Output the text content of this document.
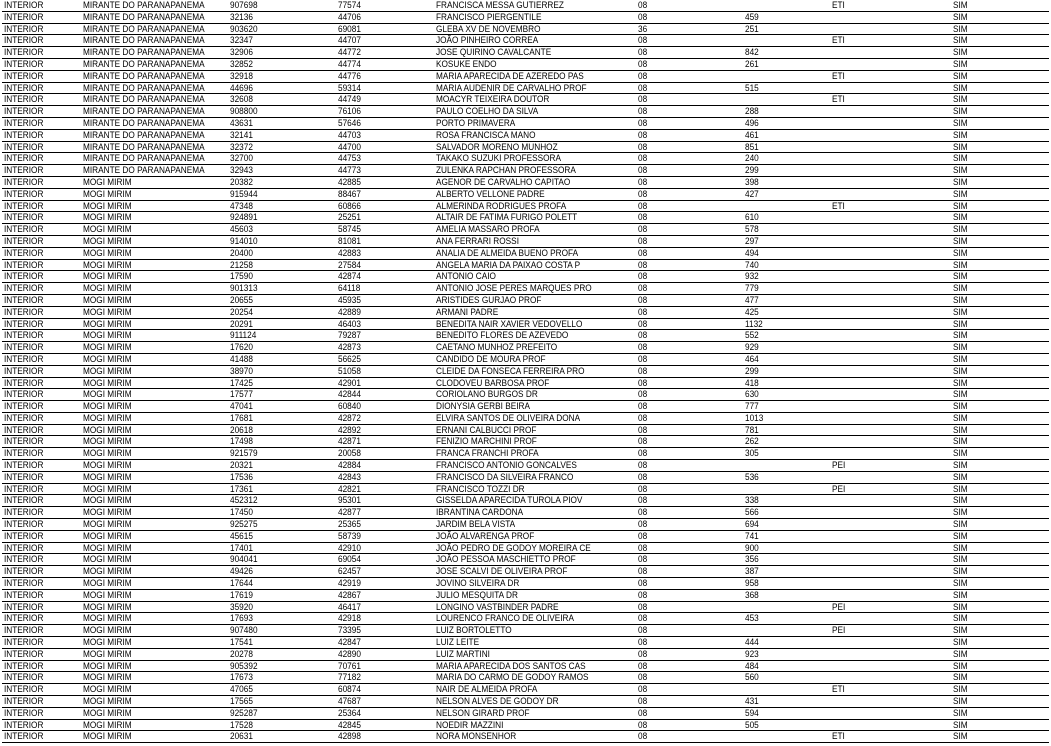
INTERIOR	MIRANTE DO PARANAPANEMA	907698	77574	FRANCISCA MESSA GUTIERREZ	08	ETI	SIM
INTERIOR	MIRANTE DO PARANAPANEMA	32136	44706	FRANCISCO PIERGENTILE	08	459	SIM
INTERIOR	MIRANTE DO PARANAPANEMA	903620	69081	GLEBA XV DE NOVEMBRO	36	251	SIM
INTERIOR	MIRANTE DO PARANAPANEMA	32347	44707	JOÃO PINHEIRO CORREA	08	ETI	SIM
INTERIOR	MIRANTE DO PARANAPANEMA	32906	44772	JOSE QUIRINO CAVALCANTE	08	842	SIM
INTERIOR	MIRANTE DO PARANAPANEMA	32852	44774	KOSUKE ENDO	08	261	SIM
INTERIOR	MIRANTE DO PARANAPANEMA	32918	44776	MARIA APARECIDA DE AZEREDO PAS	08	ETI	SIM
INTERIOR	MIRANTE DO PARANAPANEMA	44696	59314	MARIA AUDENIR DE CARVALHO PROF	08	515	SIM
INTERIOR	MIRANTE DO PARANAPANEMA	32608	44749	MOACYR TEIXEIRA DOUTOR	08	ETI	SIM
INTERIOR	MIRANTE DO PARANAPANEMA	908800	76106	PAULO COELHO DA SILVA	08	288	SIM
INTERIOR	MIRANTE DO PARANAPANEMA	43631	57646	PORTO PRIMAVERA	08	496	SIM
INTERIOR	MIRANTE DO PARANAPANEMA	32141	44703	ROSA FRANCISCA MANO	08	461	SIM
INTERIOR	MIRANTE DO PARANAPANEMA	32372	44700	SALVADOR MORENO MUNHOZ	08	851	SIM
INTERIOR	MIRANTE DO PARANAPANEMA	32700	44753	TAKAKO SUZUKI PROFESSORA	08	240	SIM
INTERIOR	MIRANTE DO PARANAPANEMA	32943	44773	ZULENKA RAPCHAN PROFESSORA	08	299	SIM
INTERIOR	MOGI MIRIM	20382	42885	AGENOR DE CARVALHO CAPITAO	08	398	SIM
INTERIOR	MOGI MIRIM	915944	88467	ALBERTO VELLONE PADRE	08	427	SIM
INTERIOR	MOGI MIRIM	47348	60866	ALMERINDA RODRIGUES PROFA	08	ETI	SIM
INTERIOR	MOGI MIRIM	924891	25251	ALTAIR DE FATIMA FURIGO POLETT	08	610	SIM
INTERIOR	MOGI MIRIM	45603	58745	AMELIA MASSARO PROFA	08	578	SIM
INTERIOR	MOGI MIRIM	914010	81081	ANA FERRARI ROSSI	08	297	SIM
INTERIOR	MOGI MIRIM	20400	42883	ANALIA DE ALMEIDA BUENO PROFA	08	494	SIM
INTERIOR	MOGI MIRIM	21258	27584	ANGELA MARIA DA PAIXAO COSTA P	08	740	SIM
INTERIOR	MOGI MIRIM	17590	42874	ANTONIO CAIO	08	932	SIM
INTERIOR	MOGI MIRIM	901313	64118	ANTONIO JOSE PERES MARQUES PRO	08	779	SIM
INTERIOR	MOGI MIRIM	20655	45935	ARISTIDES GURJAO PROF	08	477	SIM
INTERIOR	MOGI MIRIM	20254	42889	ARMANI PADRE	08	425	SIM
INTERIOR	MOGI MIRIM	20291	46403	BENEDITA NAIR XAVIER VEDOVELLO	08	1132	SIM
INTERIOR	MOGI MIRIM	911124	79287	BENEDITO FLORES DE AZEVEDO	08	552	SIM
INTERIOR	MOGI MIRIM	17620	42873	CAETANO MUNHOZ PREFEITO	08	929	SIM
INTERIOR	MOGI MIRIM	41488	56625	CANDIDO DE MOURA PROF	08	464	SIM
INTERIOR	MOGI MIRIM	38970	51058	CLEIDE DA FONSECA FERREIRA PRO	08	299	SIM
INTERIOR	MOGI MIRIM	17425	42901	CLODOVEU BARBOSA PROF	08	418	SIM
INTERIOR	MOGI MIRIM	17577	42844	CORIOLANO BURGOS DR	08	630	SIM
INTERIOR	MOGI MIRIM	47041	60840	DIONYSIA GERBI BEIRA	08	777	SIM
INTERIOR	MOGI MIRIM	17681	42872	ELVIRA SANTOS DE OLIVEIRA DONA	08	1013	SIM
INTERIOR	MOGI MIRIM	20618	42892	ERNANI CALBUCCI PROF	08	781	SIM
INTERIOR	MOGI MIRIM	17498	42871	FENIZIO MARCHINI PROF	08	262	SIM
INTERIOR	MOGI MIRIM	921579	20058	FRANCA FRANCHI PROFA	08	305	SIM
INTERIOR	MOGI MIRIM	20321	42884	FRANCISCO ANTONIO GONCALVES	08	PEI	SIM
INTERIOR	MOGI MIRIM	17536	42843	FRANCISCO DA SILVEIRA FRANCO	08	536	SIM
INTERIOR	MOGI MIRIM	17361	42821	FRANCISCO TOZZI DR	08	PEI	SIM
INTERIOR	MOGI MIRIM	452312	95301	GISSELDA APARECIDA TUROLA PIOV	08	338	SIM
INTERIOR	MOGI MIRIM	17450	42877	IBRANTINA CARDONA	08	566	SIM
INTERIOR	MOGI MIRIM	925275	25365	JARDIM BELA VISTA	08	694	SIM
INTERIOR	MOGI MIRIM	45615	58739	JOÃO ALVARENGA PROF	08	741	SIM
INTERIOR	MOGI MIRIM	17401	42910	JOÃO PEDRO DE GODOY MOREIRA CE	08	900	SIM
INTERIOR	MOGI MIRIM	904041	69054	JOÃO PESSOA MASCHIETTO PROF	08	356	SIM
INTERIOR	MOGI MIRIM	49426	62457	JOSE SCALVI DE OLIVEIRA PROF	08	387	SIM
INTERIOR	MOGI MIRIM	17644	42919	JOVINO SILVEIRA DR	08	958	SIM
INTERIOR	MOGI MIRIM	17619	42867	JULIO MESQUITA DR	08	368	SIM
INTERIOR	MOGI MIRIM	35920	46417	LONGINO VASTBINDER PADRE	08	PEI	SIM
INTERIOR	MOGI MIRIM	17693	42918	LOURENCO FRANCO DE OLIVEIRA	08	453	SIM
INTERIOR	MOGI MIRIM	907480	73395	LUIZ BORTOLETTO	08	PEI	SIM
INTERIOR	MOGI MIRIM	17541	42847	LUIZ LEITE	08	444	SIM
INTERIOR	MOGI MIRIM	20278	42890	LUIZ MARTINI	08	923	SIM
INTERIOR	MOGI MIRIM	905392	70761	MARIA APARECIDA DOS SANTOS CAS	08	484	SIM
INTERIOR	MOGI MIRIM	17673	77182	MARIA DO CARMO DE GODOY RAMOS	08	560	SIM
INTERIOR	MOGI MIRIM	47065	60874	NAIR DE ALMEIDA PROFA	08	ETI	SIM
INTERIOR	MOGI MIRIM	17565	47687	NELSON ALVES DE GODOY DR	08	431	SIM
INTERIOR	MOGI MIRIM	925287	25364	NELSON GIRARD PROF	08	594	SIM
INTERIOR	MOGI MIRIM	17528	42845	NOEDIR MAZZINI	08	505	SIM
INTERIOR	MOGI MIRIM	20631	42898	NORA MONSENHOR	08	ETI	SIM
